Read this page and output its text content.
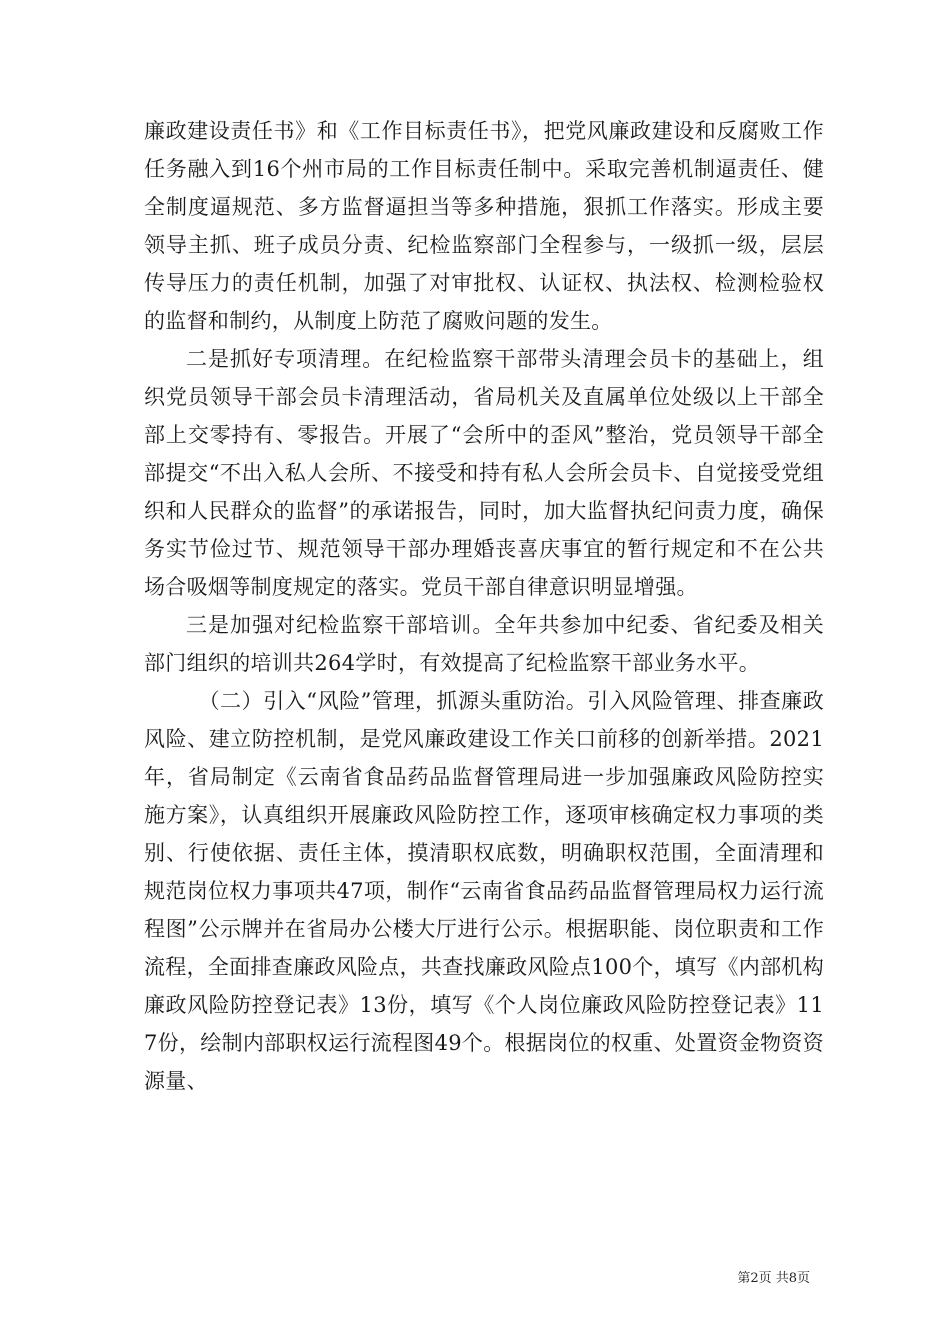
廉政建设责任书》和《工作目标责任书》，把党风廉政建设和反腐败工作任务融入到16个州市局的工作目标责任制中。采取完善机制逼责任、健全制度逼规范、多方监督逼担当等多种措施，狠抓工作落实。形成主要领导主抓、班子成员分责、纪检监察部门全程参与，一级抓一级，层层传导压力的责任机制，加强了对审批权、认证权、执法权、检测检验权的监督和制约，从制度上防范了腐败问题的发生。

二是抓好专项清理。在纪检监察干部带头清理会员卡的基础上，组织党员领导干部会员卡清理活动，省局机关及直属单位处级以上干部全部上交零持有、零报告。开展了“会所中的歪风”整治，党员领导干部全部提交“不出入私人会所、不接受和持有私人会所会员卡、自觉接受党组织和人民群众的监督”的承诺报告，同时，加大监督执纪问责力度，确保务实节俭过节、规范领导干部办理婚丧喜庆事宜的暂行规定和不在公共场合吸烟等制度规定的落实。党员干部自律意识明显增强。

三是加强对纪检监察干部培训。全年共参加中纪委、省纪委及相关部门组织的培训共264学时，有效提高了纪检监察干部业务水平。

（二）引入“风险”管理，抓源头重防治。引入风险管理、排查廉政风险、建立防控机制，是党风廉政建设工作关口前移的创新举措。2021年，省局制定《云南省食品药品监督管理局进一步加强廉政风险防控实施方案》，认真组织开展廉政风险防控工作，逐项审核确定权力事项的类别、行使依据、责任主体，摸清职权底数，明确职权范围，全面清理和规范岗位权力事项共47项，制作“云南省食品药品监督管理局权力运行流程图”公示牌并在省局办公楼大厅进行公示。根据职能、岗位职责和工作流程，全面排查廉政风险点，共查找廉政风险点100个，填写《内部机构廉政风险防控登记表》13份，填写《个人岗位廉政风险防控登记表》117份，绘制内部职权运行流程图49个。根据岗位的权重、处置资金物资资源量、

第2页 共8页
